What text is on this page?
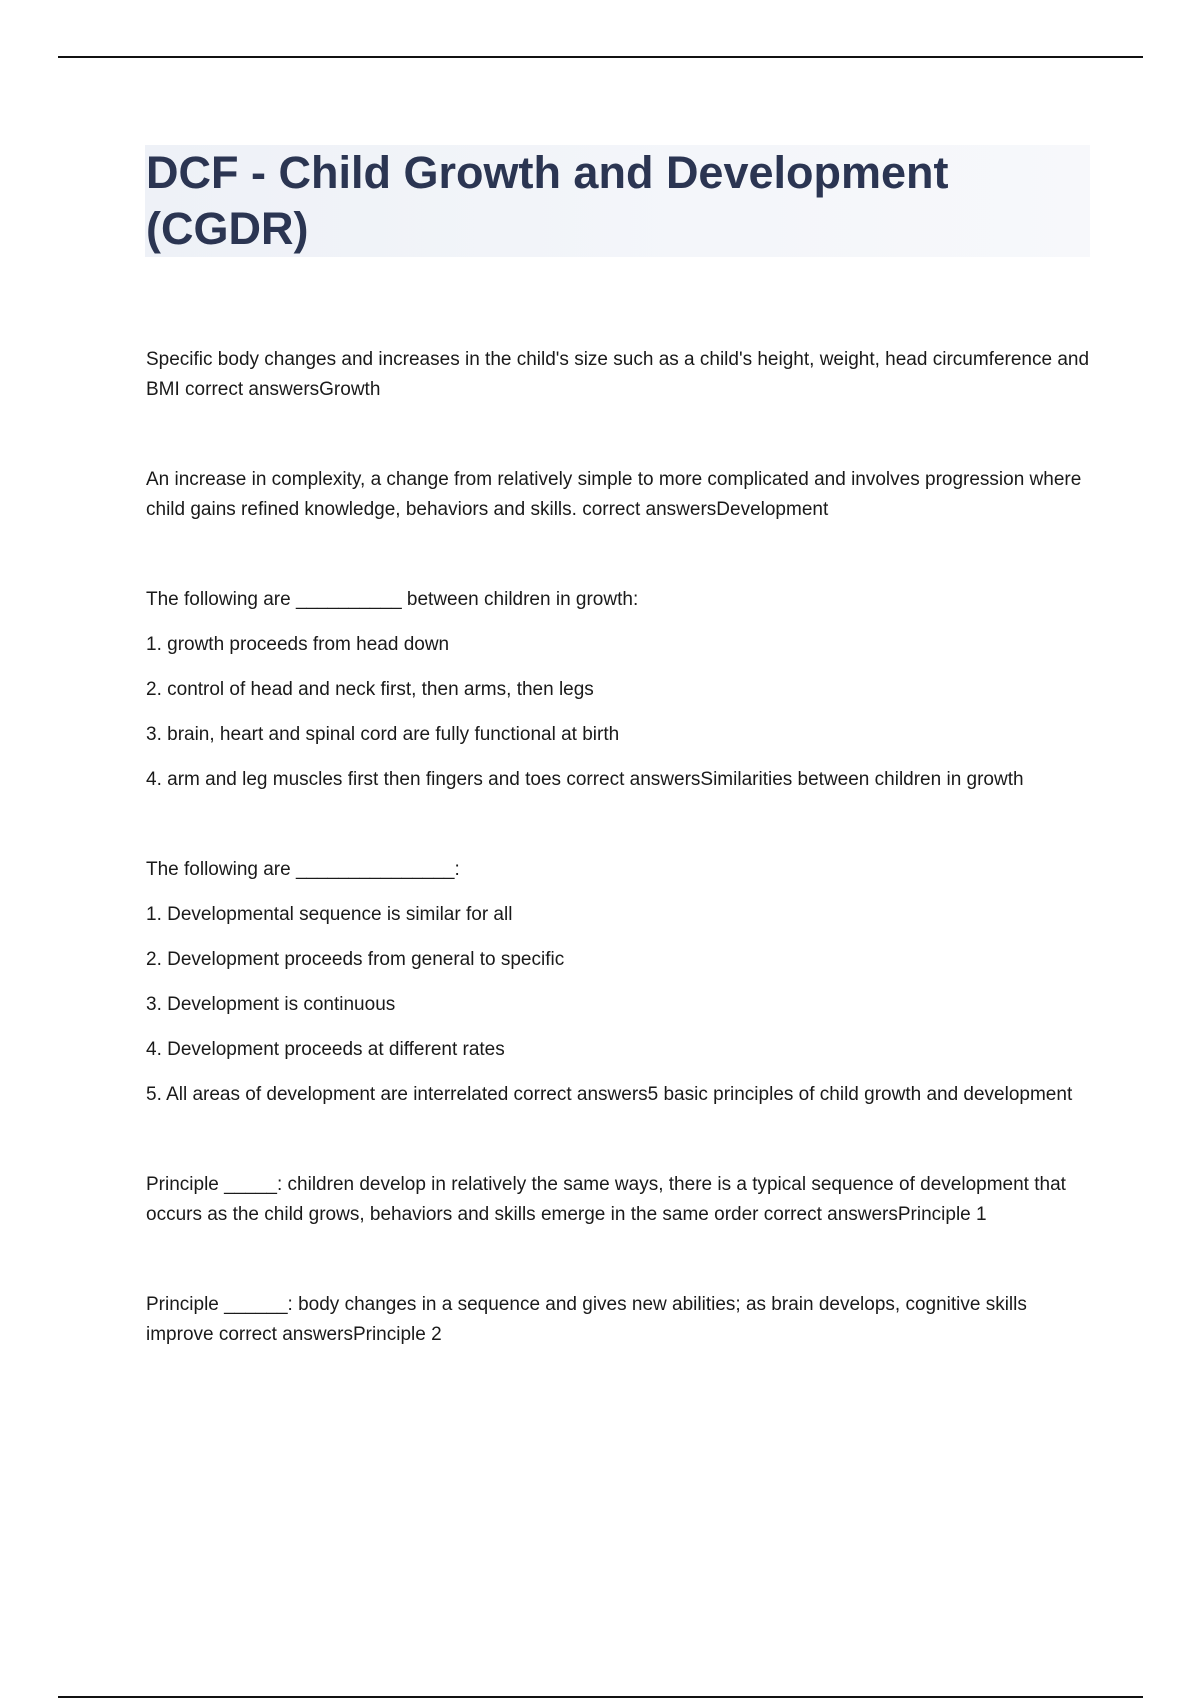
DCF - Child Growth and Development (CGDR)

Specific body changes and increases in the child's size such as a child's height, weight, head circumference and BMI correct answersGrowth

An increase in complexity, a change from relatively simple to more complicated and involves progression where child gains refined knowledge, behaviors and skills. correct answersDevelopment

The following are __________ between children in growth:

1. growth proceeds from head down

2. control of head and neck first, then arms, then legs

3. brain, heart and spinal cord are fully functional at birth

4. arm and leg muscles first then fingers and toes correct answersSimilarities between children in growth

The following are _______________:

1. Developmental sequence is similar for all

2. Development proceeds from general to specific

3. Development is continuous

4. Development proceeds at different rates

5. All areas of development are interrelated correct answers5 basic principles of child growth and development

Principle _____: children develop in relatively the same ways, there is a typical sequence of development that occurs as the child grows, behaviors and skills emerge in the same order correct answersPrinciple 1

Principle ______: body changes in a sequence and gives new abilities; as brain develops, cognitive skills improve correct answersPrinciple 2
